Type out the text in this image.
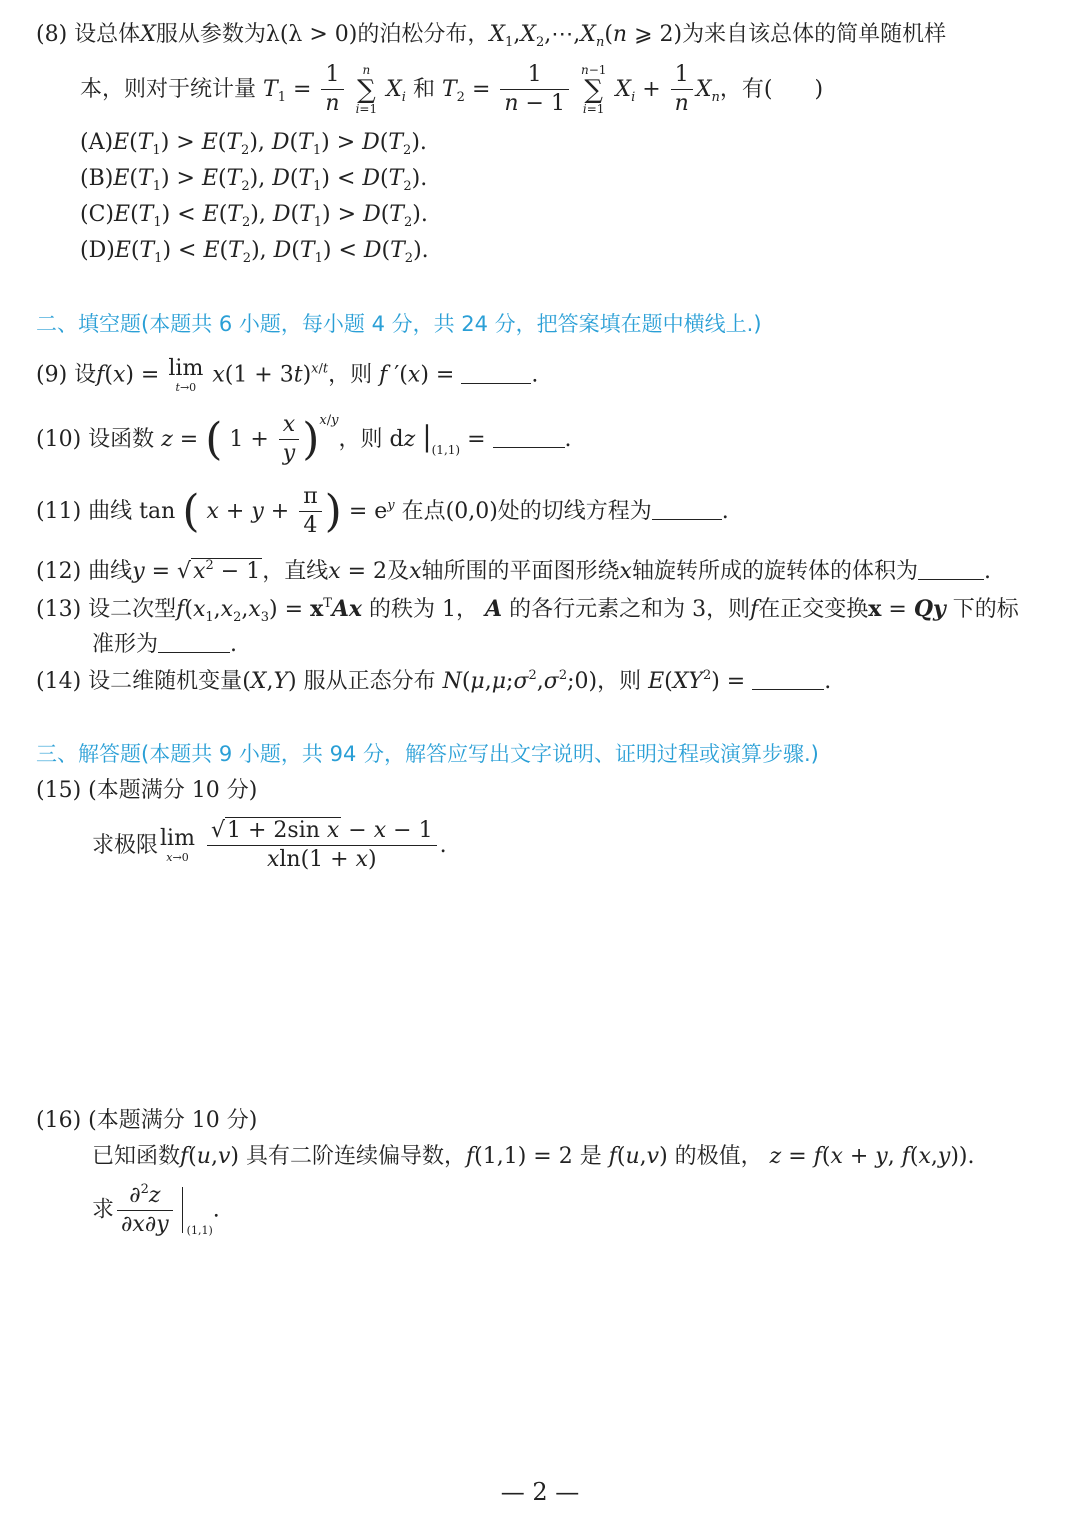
(8) 设总体X服从参数为λ(λ > 0)的泊松分布，$X_1,X_2,\cdots,X_n(n$ ⩾ 2)为来自该总体的简单随机样
本，则对于统计量 $T_1 = \frac{1}{n}$ n
∑
i=1 $X_i$ 和 $T_2 = \frac{1}{n - 1} n-1$
∑
i=1 $X_i + \frac{1}{n} X_n$，有( )
$(A)E(T_1) > E(T_2)$, $D(T_1) > D(T_2)$.
$(B)E(T_1) > E(T_2)$, $D(T_1) < D(T_2)$.
$(C)E(T_1) < E(T_2)$, $D(T_1) > D(T_2)$.
$(D)E(T_1) < E(T_2)$, $D(T_1) < D(T_2)$.
二、填空题(本题共 6 小题，每小题 4 分，共 24 分，把答案填在题中横线上.)
(9) 设f(x) = lim
t→0 $x(1 + 3t)^{x/t}$，则 f ′(x) =	.
(10) 设函数 z = ( $1 + \frac{x}{y} )^{x/y}$，则 dz $|_{(1,1)}$ =	.
(11) 曲线 tan ( $x + y + \frac{\pi}{4}$ ) = $e^y$ 在点(0,0)处的切线方程为	.
(12) 曲线$y = √x^2 - 1$，直线x = 2及x轴所围的平面图形绕x轴旋转所成的旋转体的体积为	.
(13) 设二次型$f(x_1,x_2,x_3) = x^TAx$ 的秩为 1， A 的各行元素之和为 3，则f在正交变换x = Qy 下的标
准形为	.
(14) 设二维随机变量(X,Y) 服从正态分布 $N(\mu,\mu;\sigma^2,\sigma^2;0)$，则 $E(XY^2)$ =	.
三、解答题(本题共 9 小题，共 94 分，解答应写出文字说明、证明过程或演算步骤.)
(15) (本题满分 10 分)
求极限lim
x→0
$\frac{\text{√1 + 2sin x − x − 1}}{xln(1 + x)}$ .
(16) (本题满分 10 分)
已知函数f(u,v) 具有二阶连续偏导数，f(1,1) = 2 是 f(u,v) 的极值， z = f(x + y, f(x,y)).
求 $\frac{\partial^2z}{\partial x\partial y} _{(1,1)}$.
— 2 —
